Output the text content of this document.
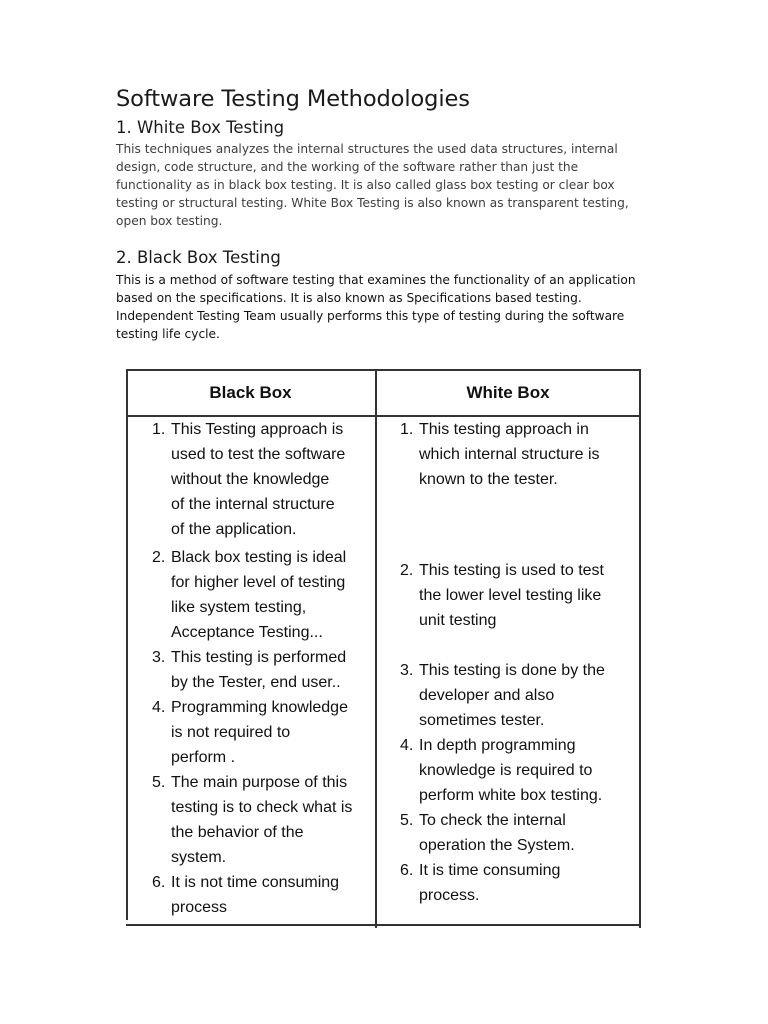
Software Testing Methodologies
1. White Box Testing
This techniques analyzes the internal structures the used data structures, internal
design, code structure, and the working of the software rather than just the
functionality as in black box testing. It is also called glass box testing or clear box
testing or structural testing. White Box Testing is also known as transparent testing,
open box testing.
2. Black Box Testing
This is a method of software testing that examines the functionality of an application
based on the specifications. It is also known as Specifications based testing.
Independent Testing Team usually performs this type of testing during the software
testing life cycle.
Black Box	White Box
1. This Testing approach is
used to test the software
without the knowledge
of the internal structure
of the application.
2. Black box testing is ideal
for higher level of testing
like system testing,
Acceptance Testing...
3. This testing is performed
by the Tester, end user..
4. Programming knowledge
is not required to
perform .
5. The main purpose of this
testing is to check what is
the behavior of the
system.
6. It is not time consuming
process
1. This testing approach in
which internal structure is
known to the tester.
2. This testing is used to test
the lower level testing like
unit testing
3. This testing is done by the
developer and also
sometimes tester.
4. In depth programming
knowledge is required to
perform white box testing.
5. To check the internal
operation the System.
6. It is time consuming
process.
